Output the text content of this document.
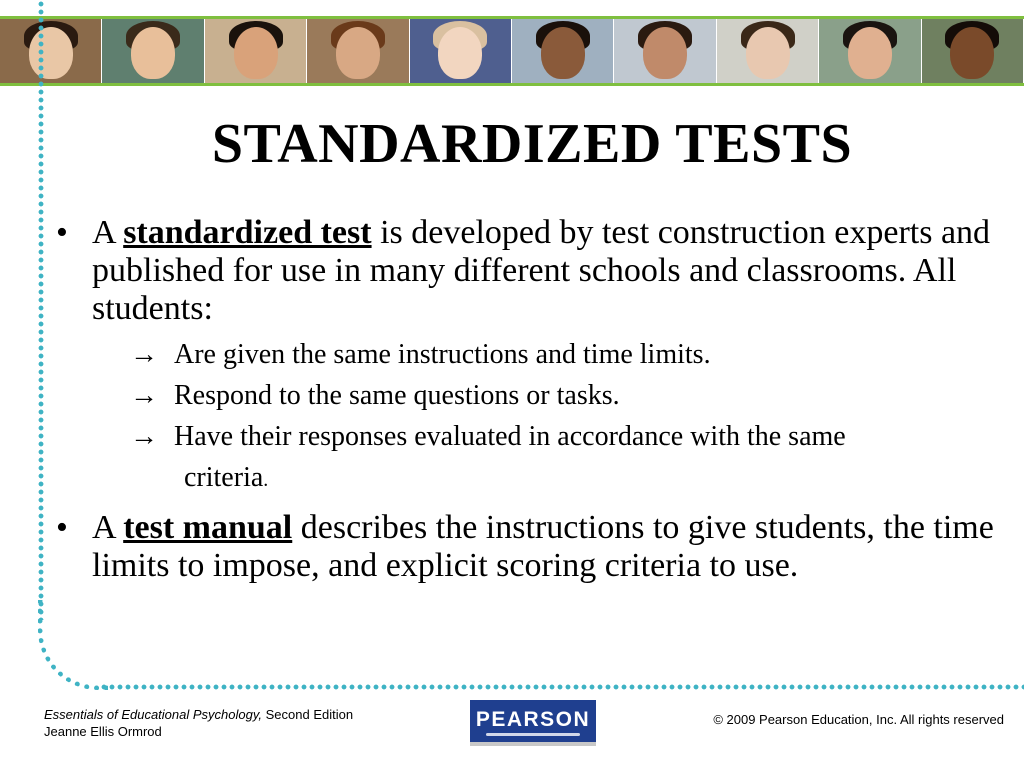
STANDARDIZED TESTS

• A standardized test is developed by test construction experts and published for use in many different schools and classrooms. All students:

→ Are given the same instructions and time limits.

→ Respond to the same questions or tasks.

→ Have their responses evaluated in accordance with the same
criteria.

• A test manual describes the instructions to give students, the time limits to impose, and explicit scoring criteria to use.

Essentials of Educational Psychology, Second Edition
Jeanne Ellis Ormrod
PEARSON	© 2009 Pearson Education, Inc. All rights reserved
